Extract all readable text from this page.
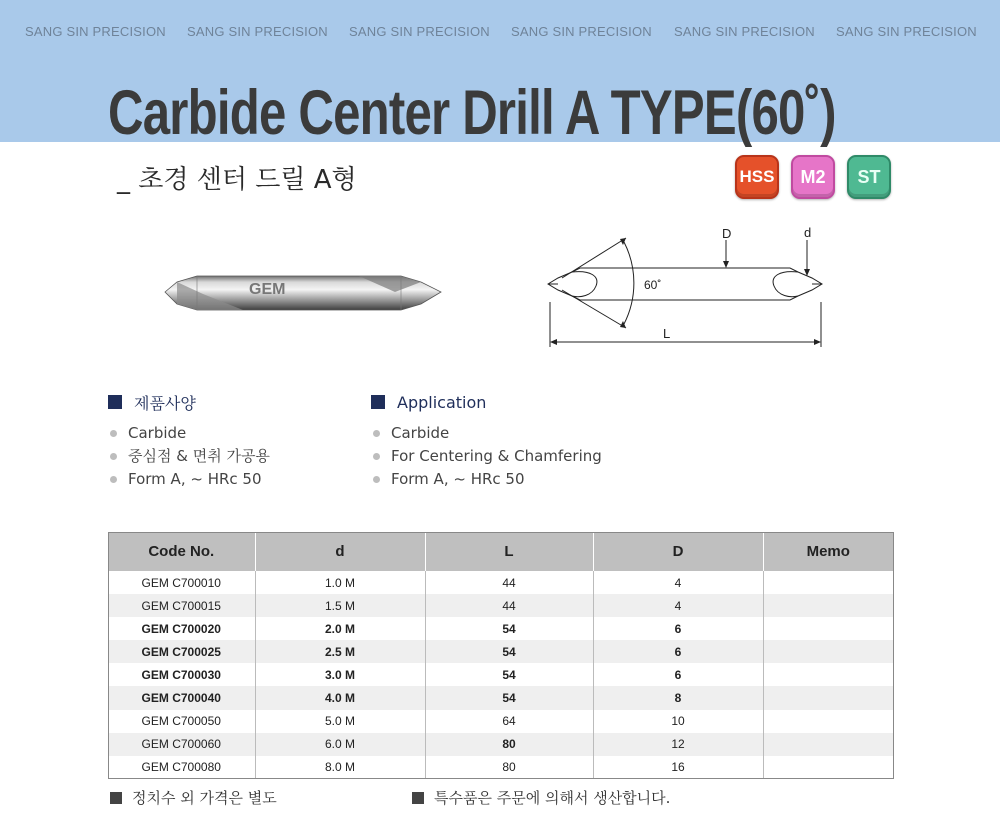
SANG SIN PRECISION SANG SIN PRECISION SANG SIN PRECISION SANG SIN PRECISION SANG SIN PRECISION SANG SIN PRECISION
Carbide Center Drill A TYPE(60˚)
_ 초경 센터 드릴 A형	HSS	M2	ST
GEM
D	d
60˚
L
제품사양
Carbide
중심점 & 면취 가공용
Form A, ~ HRc 50
Application
Carbide
For Centering & Chamfering
Form A, ~ HRc 50
Code No.	d	L	D	Memo
GEM C700010	1.0 M	44	4	
GEM C700015	1.5 M	44	4	
GEM C700020	2.0 M	54	6	
GEM C700025	2.5 M	54	6	
GEM C700030	3.0 M	54	6	
GEM C700040	4.0 M	54	8	
GEM C700050	5.0 M	64	10	
GEM C700060	6.0 M	80	12	
GEM C700080	8.0 M	80	16	
정치수 외 가격은 별도	특수품은 주문에 의해서 생산합니다.
